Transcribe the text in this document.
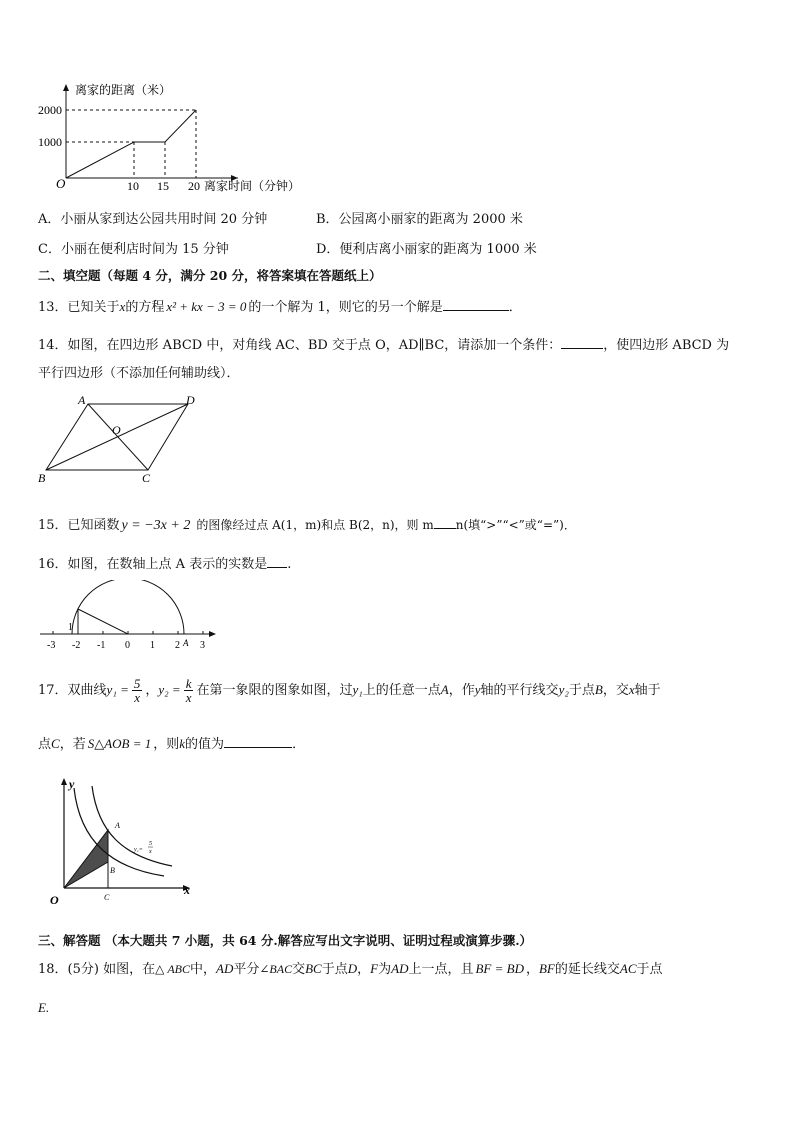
离家的距离（米）
2000
1000
O	10 15 20 离家时间（分钟）
A．小丽从家到达公园共用时间 20 分钟	B．公园离小丽家的距离为 2000 米
C．小丽在便利店时间为 15 分钟	D．便利店离小丽家的距离为 1000 米
二、填空题（每题 4 分，满分 20 分，将答案填在答题纸上）
13．已知关于x的方程 x² + kx − 3 = 0 的一个解为 1，则它的另一个解是	．
14．如图，在四边形 ABCD 中，对角线 AC、BD 交于点 O，AD∥BC，请添加一个条件：	，使四边形 ABCD 为
平行四边形（不添加任何辅助线）．
A	D
O
B	C
15．已知函数 y = −3x + 2 的图像经过点 A(1，m)和点 B(2，n)，则 m n(填“>”“<”或“=”)．
16．如图，在数轴上点 A 表示的实数是 .
1
-3 -2 -1 0 1 2 A 3
17．双曲线$y_1 = \frac{5}{x}$ ，$y_2 = \frac{k}{x}$ 在第一象限的图象如图，过y₁上的任意一点A，作y轴的平行线交y₂于点B，交x轴于
点C，若 S△AOB = 1 ，则k的值为	．
y
x
O
A
B
C
y₁=
5
x
三、解答题 （本大题共 7 小题，共 64 分.解答应写出文字说明、证明过程或演算步骤.）
18．(5分) 如图，在△ ABC中，AD平分∠BAC交BC于点D，F为AD上一点，且 BF = BD ，BF的延长线交AC于点
E.
